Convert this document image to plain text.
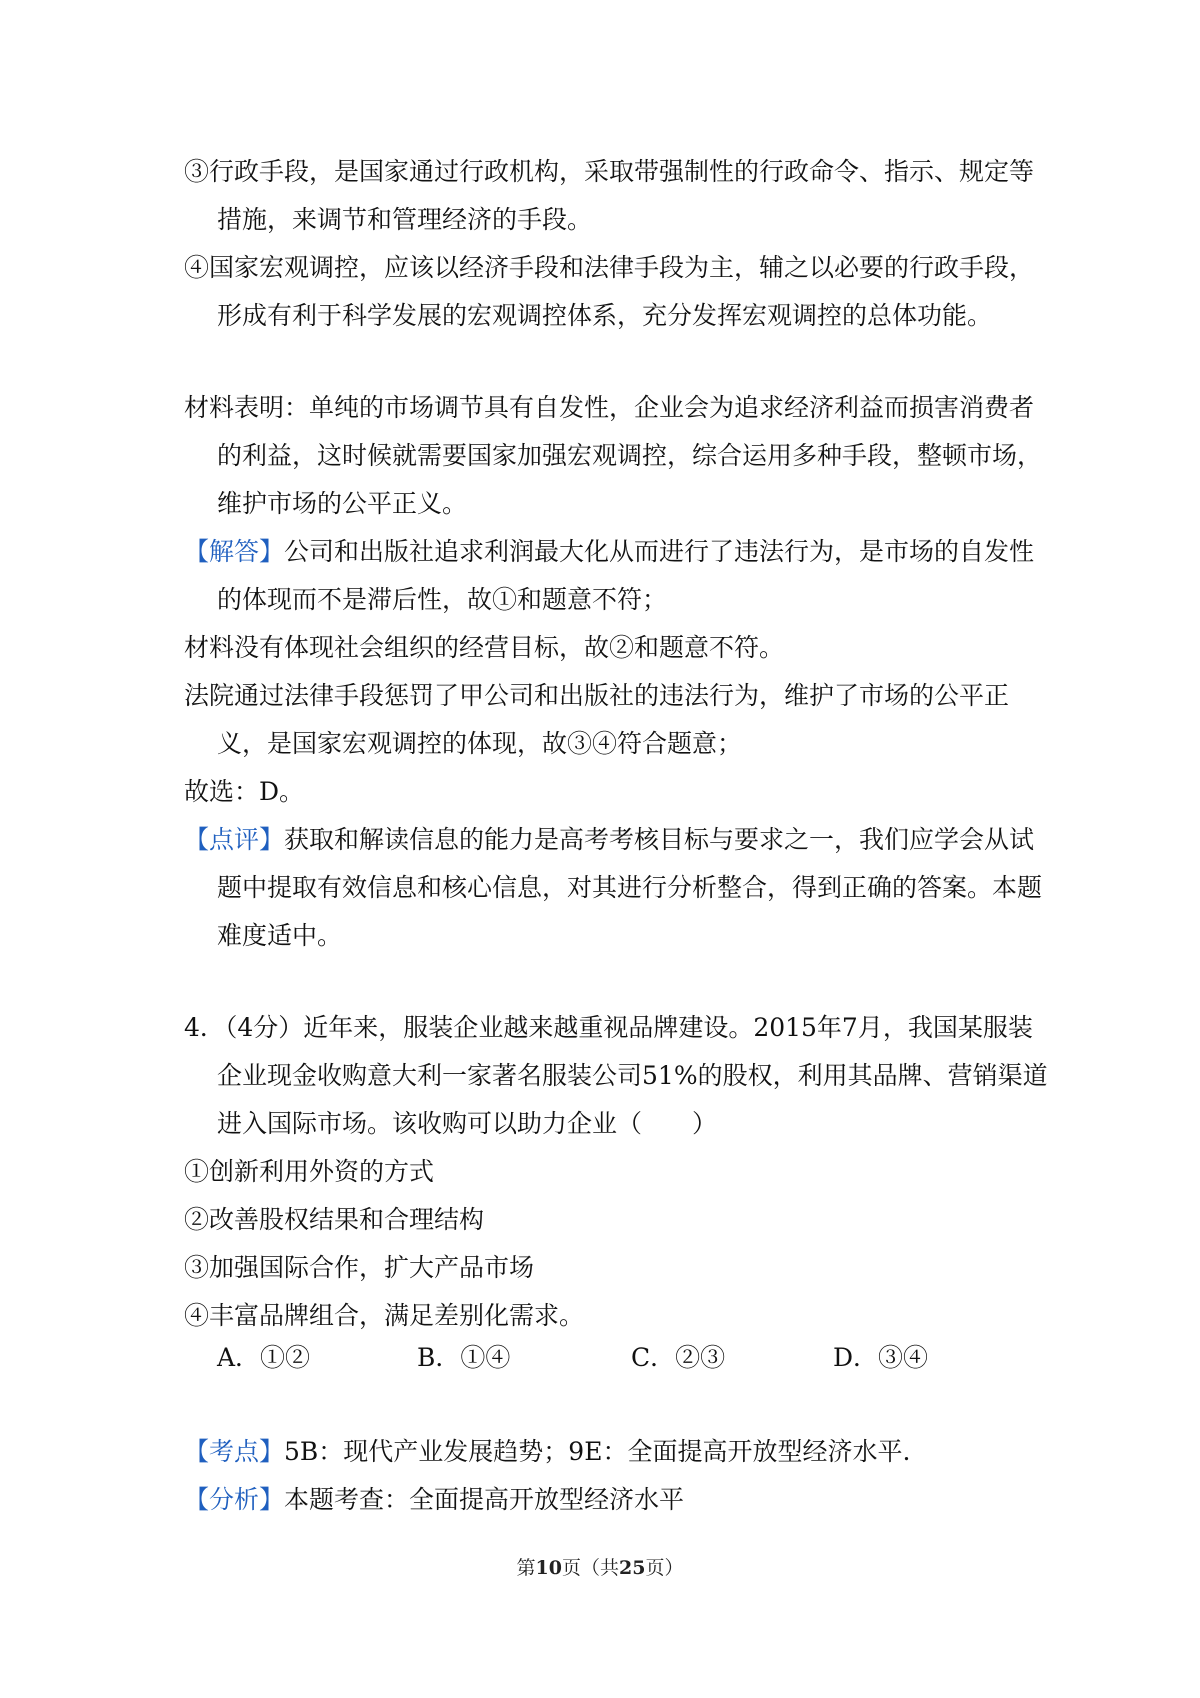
③行政手段，是国家通过行政机构，采取带强制性的行政命令、指示、规定等措施，来调节和管理经济的手段。

④国家宏观调控，应该以经济手段和法律手段为主，辅之以必要的行政手段，形成有利于科学发展的宏观调控体系，充分发挥宏观调控的总体功能。

材料表明：单纯的市场调节具有自发性，企业会为追求经济利益而损害消费者的利益，这时候就需要国家加强宏观调控，综合运用多种手段，整顿市场，维护市场的公平正义。

【解答】公司和出版社追求利润最大化从而进行了违法行为，是市场的自发性的体现而不是滞后性，故①和题意不符；

材料没有体现社会组织的经营目标，故②和题意不符。

法院通过法律手段惩罚了甲公司和出版社的违法行为，维护了市场的公平正义，是国家宏观调控的体现，故③④符合题意；

故选：D。

【点评】获取和解读信息的能力是高考考核目标与要求之一，我们应学会从试题中提取有效信息和核心信息，对其进行分析整合，得到正确的答案。本题难度适中。

4．（4分）近年来，服装企业越来越重视品牌建设。2015年7月，我国某服装企业现金收购意大利一家著名服装公司51%的股权，利用其品牌、营销渠道进入国际市场。该收购可以助力企业（　　）

①创新利用外资的方式

②改善股权结果和合理结构

③加强国际合作，扩大产品市场

④丰富品牌组合，满足差别化需求。

A．①②	B．①④	C．②③	D．③④

【考点】5B：现代产业发展趋势；9E：全面提高开放型经济水平.

【分析】本题考查：全面提高开放型经济水平

第10页（共25页）
